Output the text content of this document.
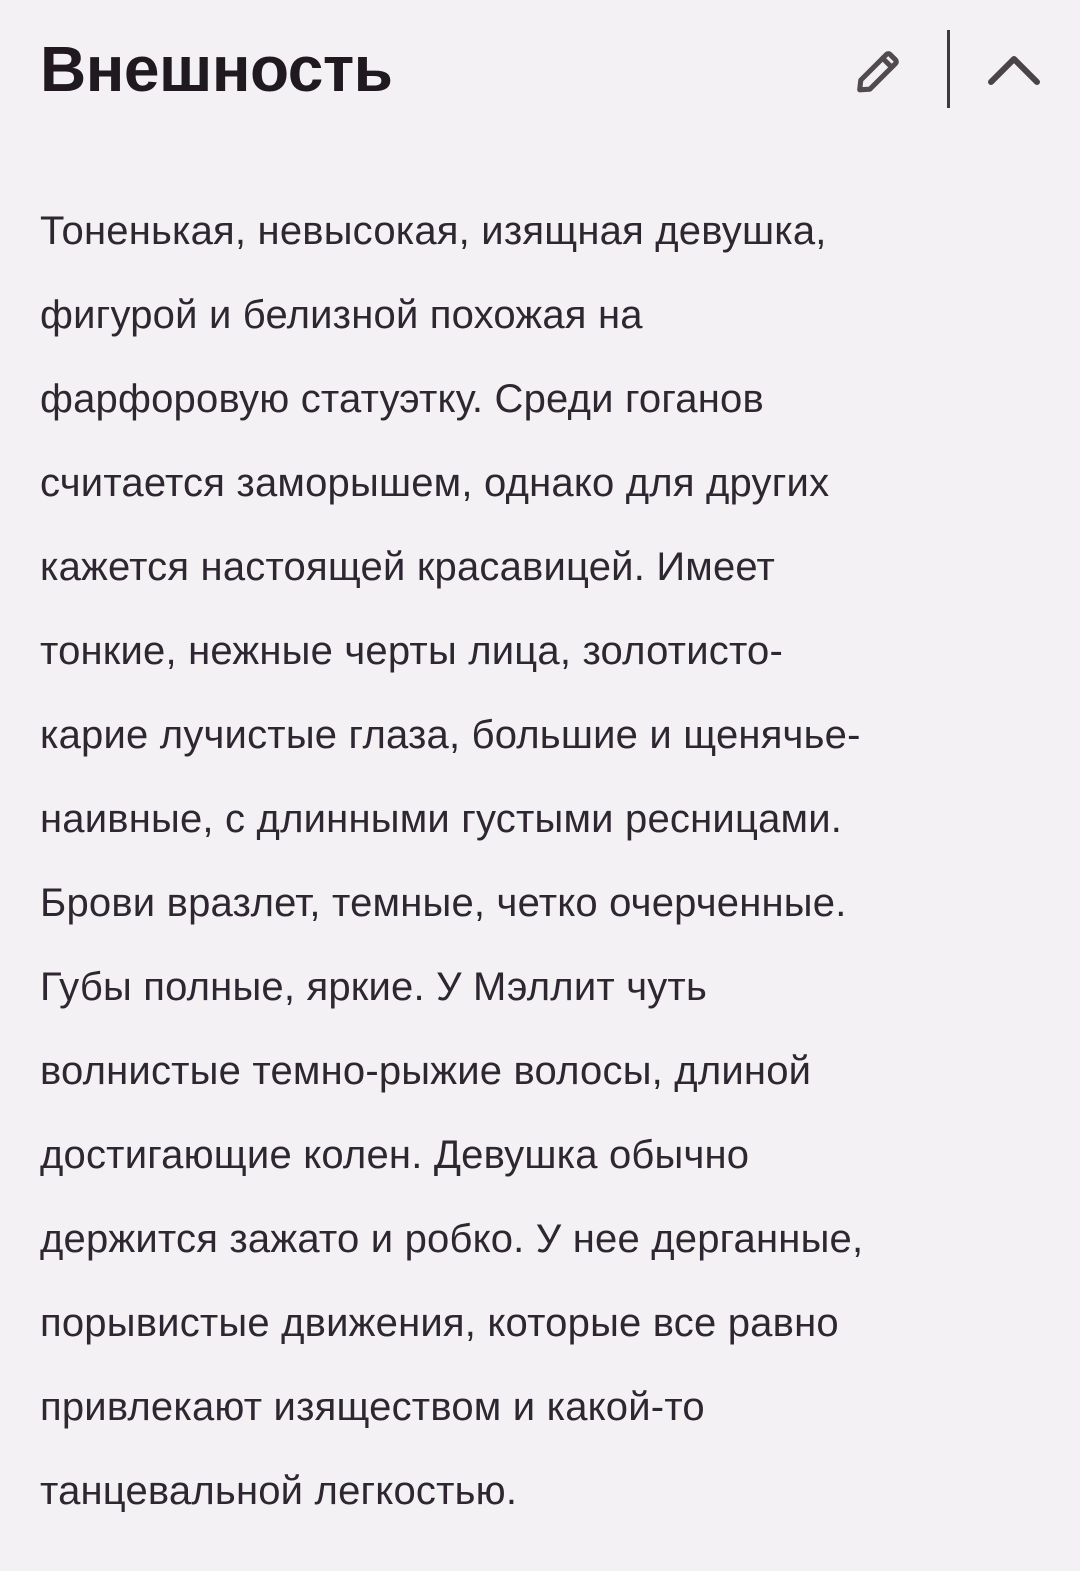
Внешность

Тоненькая, невысокая, изящная девушка,
фигурой и белизной похожая на
фарфоровую статуэтку. Среди гоганов
считается заморышем, однако для других
кажется настоящей красавицей. Имеет
тонкие, нежные черты лица, золотисто-
карие лучистые глаза, большие и щенячье-
наивные, с длинными густыми ресницами.
Брови вразлет, темные, четко очерченные.
Губы полные, яркие. У Мэллит чуть
волнистые темно-рыжие волосы, длиной
достигающие колен. Девушка обычно
держится зажато и робко. У нее дерганные,
порывистые движения, которые все равно
привлекают изяществом и какой-то
танцевальной легкостью.
